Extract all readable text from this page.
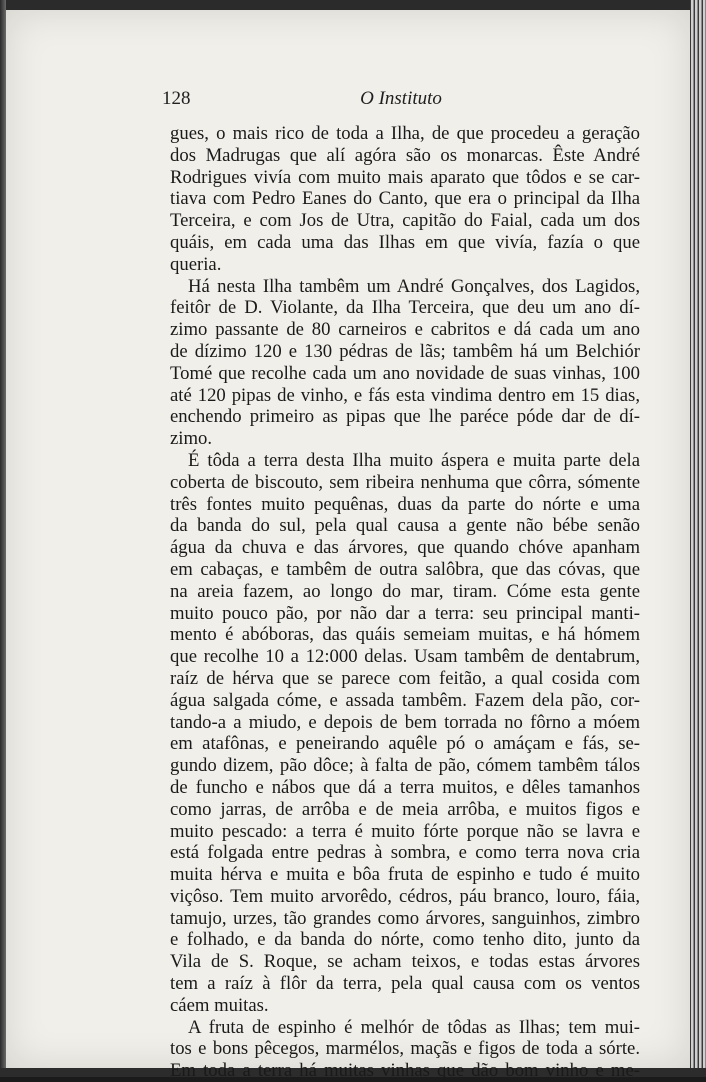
128	O Instituto
gues, o mais rico de toda a Ilha, de que procedeu a geração
dos Madrugas que alí agóra são os monarcas. Êste André
Rodrigues vivía com muito mais aparato que tôdos e se car-
tiava com Pedro Eanes do Canto, que era o principal da Ilha
Terceira, e com Jos de Utra, capitão do Faial, cada um dos
quáis, em cada uma das Ilhas em que vivía, fazía o que
queria.
Há nesta Ilha tambêm um André Gonçalves, dos Lagidos,
feitôr de D. Violante, da Ilha Terceira, que deu um ano dí-
zimo passante de 80 carneiros e cabritos e dá cada um ano
de dízimo 120 e 130 pédras de lãs; tambêm há um Belchiór
Tomé que recolhe cada um ano novidade de suas vinhas, 100
até 120 pipas de vinho, e fás esta vindima dentro em 15 dias,
enchendo primeiro as pipas que lhe paréce póde dar de dí-
zimo.
É tôda a terra desta Ilha muito áspera e muita parte dela
coberta de biscouto, sem ribeira nenhuma que côrra, sómente
três fontes muito pequênas, duas da parte do nórte e uma
da banda do sul, pela qual causa a gente não bébe senão
água da chuva e das árvores, que quando chóve apanham
em cabaças, e tambêm de outra salôbra, que das cóvas, que
na areia fazem, ao longo do mar, tiram. Cóme esta gente
muito pouco pão, por não dar a terra: seu principal manti-
mento é abóboras, das quáis semeiam muitas, e há hómem
que recolhe 10 a 12:000 delas. Usam tambêm de dentabrum,
raíz de hérva que se parece com feitão, a qual cosida com
água salgada cóme, e assada tambêm. Fazem dela pão, cor-
tando-a a miudo, e depois de bem torrada no fôrno a móem
em atafônas, e peneirando aquêle pó o amáçam e fás, se-
gundo dizem, pão dôce; à falta de pão, cómem tambêm tálos
de funcho e nábos que dá a terra muitos, e dêles tamanhos
como jarras, de arrôba e de meia arrôba, e muitos figos e
muito pescado: a terra é muito fórte porque não se lavra e
está folgada entre pedras à sombra, e como terra nova cria
muita hérva e muita e bôa fruta de espinho e tudo é muito
viçôso. Tem muito arvorêdo, cédros, páu branco, louro, fáia,
tamujo, urzes, tão grandes como árvores, sanguinhos, zimbro
e folhado, e da banda do nórte, como tenho dito, junto da
Vila de S. Roque, se acham teixos, e todas estas árvores
tem a raíz à flôr da terra, pela qual causa com os ventos
cáem muitas.
A fruta de espinho é melhór de tôdas as Ilhas; tem mui-
tos e bons pêcegos, marmélos, maçãs e figos de toda a sórte.
Em toda a terra há muitas vinhas que dão bom vinho e me-
